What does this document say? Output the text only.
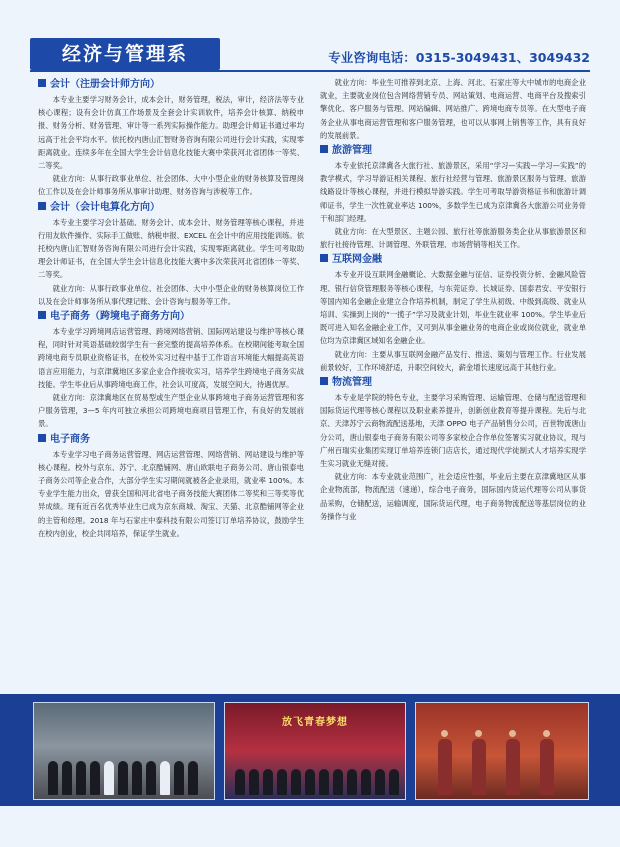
经济与管理系	专业咨询电话：0315-3049431、3049432
会计（注册会计师方向）

本专业主要学习财务会计，成本会计，财务管理，税法，审计，经济法等专业核心课程；设有会计仿真工作场景及全套会计实训软件，培养会计核算、纳税申报、财务分析、财务管理、审计等一系列实际操作能力。助理会计师证书通过率均远高于社会平均水平。依托校内唐山汇智财务咨询有限公司进行会计实践，实现零距离就业。连续多年在全国大学生会计信息化技能大赛中荣获河北省团体一等奖、二等奖。

就业方向：从事行政事业单位、社会团体、大中小型企业的财务核算及管理岗位工作以及在会计师事务所从事审计助理、财务咨询与涉税等工作。

会计（会计电算化方向）

本专业主要学习会计基础、财务会计、成本会计、财务管理等核心课程，并进行用友软件操作、实际手工做账、纳税申报、EXCEL 在会计中的应用技能训练。依托校内唐山汇智财务咨询有限公司进行会计实践，实现零距离就业。学生可考取助理会计师证书，在全国大学生会计信息化技能大赛中多次荣获河北省团体一等奖、二等奖。

就业方向：从事行政事业单位、社会团体、大中小型企业的财务核算岗位工作以及在会计师事务所从事代理记账、会计咨询与服务等工作。

电子商务（跨境电子商务方向）

本专业学习跨境网店运营管理、跨境网络营销、国际网站建设与维护等核心课程，同时针对英语基础较弱学生有一套完整的提高培养体系。在校期间能考取全国跨境电商专员职业资格证书，在校外实习过程中基于工作语言环境能大幅提高英语语言应用能力，与京津冀地区多家企业合作接收实习，培养学生跨境电子商务实战技能。学生毕业后从事跨境电商工作，社会认可度高，发展空间大，待遇优厚。

就业方向：京津冀地区在贸易型或生产型企业从事跨境电子商务运营管理和客户服务管理，3—5 年内可独立承担公司跨境电商项目管理工作，有良好的发展前景。

电子商务

本专业学习电子商务运营管理、网店运营管理、网络营销、网站建设与维护等核心课程。校外与京东、苏宁、北京酷铺网、唐山欧联电子商务公司、唐山银泰电子商务公司等企业合作，大部分学生实习期间就被各企业录用，就业率 100%。本专业学生能力出众，曾获全国和河北省电子商务技能大赛团体二等奖和三等奖等优异成绩。现有近百名优秀毕业生已成为京东商城、淘宝、天猫、北京酷铺网等企业的主管和经理。2018 年与石家庄中泰科技有限公司签订订单培养协议，鼓励学生在校内创业，校企共同培养，保证学生就业。

就业方向：毕业生可推荐到北京、上海、河北、石家庄等大中城市的电商企业就业，主要就业岗位包含网络营销专员、网站策划、电商运营、电商平台及搜索引擎优化、客户服务与管理、网站编辑、网站推广、跨境电商专员等。在大型电子商务企业从事电商运营管理和客户服务管理，也可以从事网上销售等工作，具有良好的发展前景。

旅游管理

本专业依托京津冀各大旅行社、旅游景区，采用“学习—实践—学习—实践”的教学模式，学习导游证相关课程、旅行社经营与管理、旅游景区服务与管理、旅游线路设计等核心课程，并进行模拟导游实践。学生可考取导游资格证书和旅游计调师证书，学生一次性就业率达 100%，多数学生已成为京津冀各大旅游公司业务骨干和部门经理。

就业方向：在大型景区、主题公园、旅行社等旅游服务类企业从事旅游景区和旅行社接待管理、计调管理、外联管理、市场营销等相关工作。

互联网金融

本专业开设互联网金融概论、大数据金融与征信、证券投资分析、金融风险管理、银行信贷管理服务等核心课程，与东莞证券、长城证券、国泰君安、平安银行等国内知名金融企业建立合作培养机制，制定了学生从初级、中级到高级、就业从培训、实操到上岗的“一揽子”学习及就业计划，毕业生就业率 100%。学生毕业后既可进入知名金融企业工作，又可到从事金融业务的电商企业或岗位就业，就业单位均为京津冀区域知名金融企业。

就业方向：主要从事互联网金融产品发行、推送、策划与管理工作。行业发展前景较好，工作环境舒适，升职空间较大，薪金增长速度远高于其他行业。

物流管理

本专业是学院的特色专业，主要学习采购管理、运输管理、仓储与配送管理和国际货运代理等核心课程以及职业素养提升，创新创业教育等提升课程。先后与北京、天津苏宁云商物流配送基地，天津 OPPO 电子产品销售分公司，百世物流唐山分公司，唐山银泰电子商务有限公司等多家校企合作单位签署实习就业协议，现与广州百瑞实业集团实现订单培养连锁门店店长，通过现代学徒制式人才培养实现学生实习就业无缝对接。

就业方向：本专业就业范围广，社会适应性强，毕业后主要在京津冀地区从事企业物流部，物流配送（速递），综合电子商务，国际国内货运代理等公司从事货品采购，仓储配送，运输调度，国际货运代理，电子商务物流配送等基层岗位的业务操作与业

放飞青春梦想
